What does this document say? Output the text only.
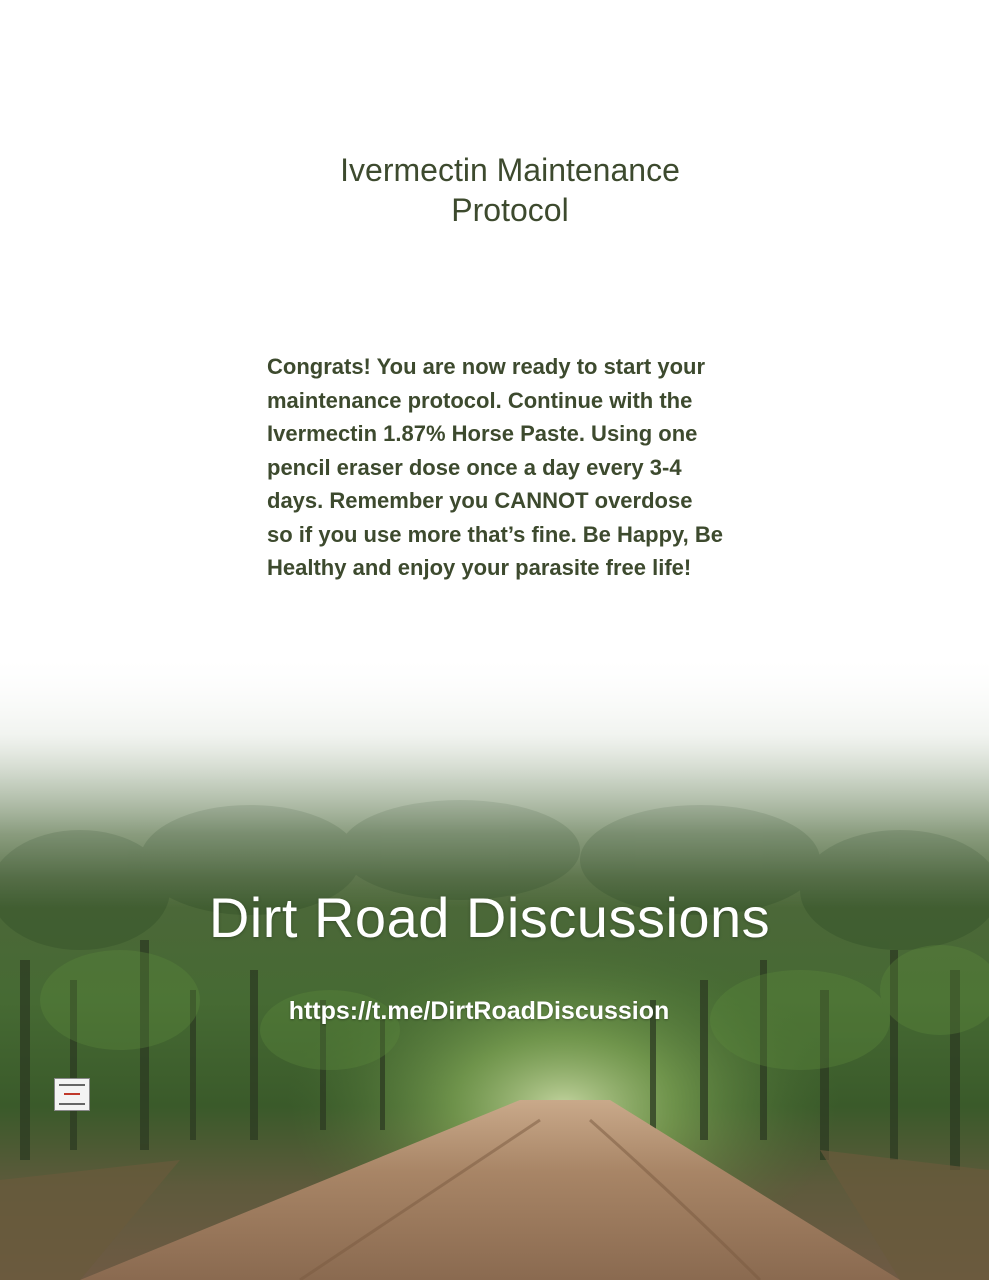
Ivermectin Maintenance
Protocol
Congrats! You are now ready to start your
maintenance protocol. Continue with the
Ivermectin 1.87% Horse Paste. Using one
pencil eraser dose once a day every 3-4
days. Remember you CANNOT overdose
so if you use more that’s fine. Be Happy, Be
Healthy and enjoy your parasite free life!
Dirt Road Discussions
https://t.me/DirtRoadDiscussion
